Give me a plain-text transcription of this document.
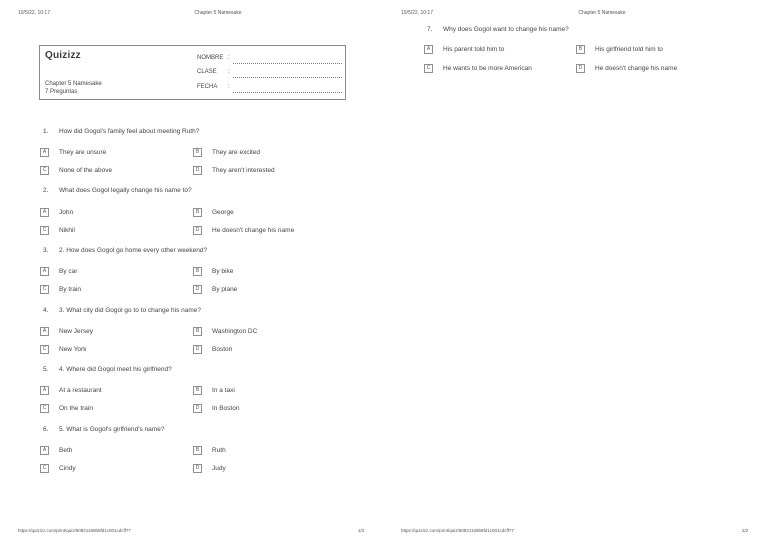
10/5/22, 10:17	Chapter 5 Namesake
Quizizz
Chapter 5 Namesake
7 Preguntas
NOMBRE :
CLASE :
FECHA :
1. How did Gogol's family feel about meeting Ruth?
A	They are unsure	B	They are excited
C	None of the above	D	They aren't interested
2. What does Gogol legally change his name to?
A	John	B	George
C	Nikhil	D	He doesn't change his name
3. 2. How does Gogol go home every other weekend?
A	By car	B	By bike
C	By train	D	By plane
4. 3. What city did Gogol go to to change his name?
A	New Jersey	B	Washington DC
C	New York	D	Boston
5. 4. Where did Gogol meet his girlfriend?
A	At a restaurant	B	In a taxi
C	On the train	D	In Boston
6. 5. What is Gogol's girlfriend's name?
A	Beth	B	Ruth
C	Cindy	D	Judy
https://quizizz.com/print/quiz/60821169b9fd1c001cdcff77	1/2
10/5/22, 10:17	Chapter 5 Namesake
7. Why does Gogol want to change his name?
A	His parent told him to	B	His girlfriend told him to
C	He wants to be more American	D	He doesn't change his name
https://quizizz.com/print/quiz/60821169b9fd1c001cdcff77	2/2
